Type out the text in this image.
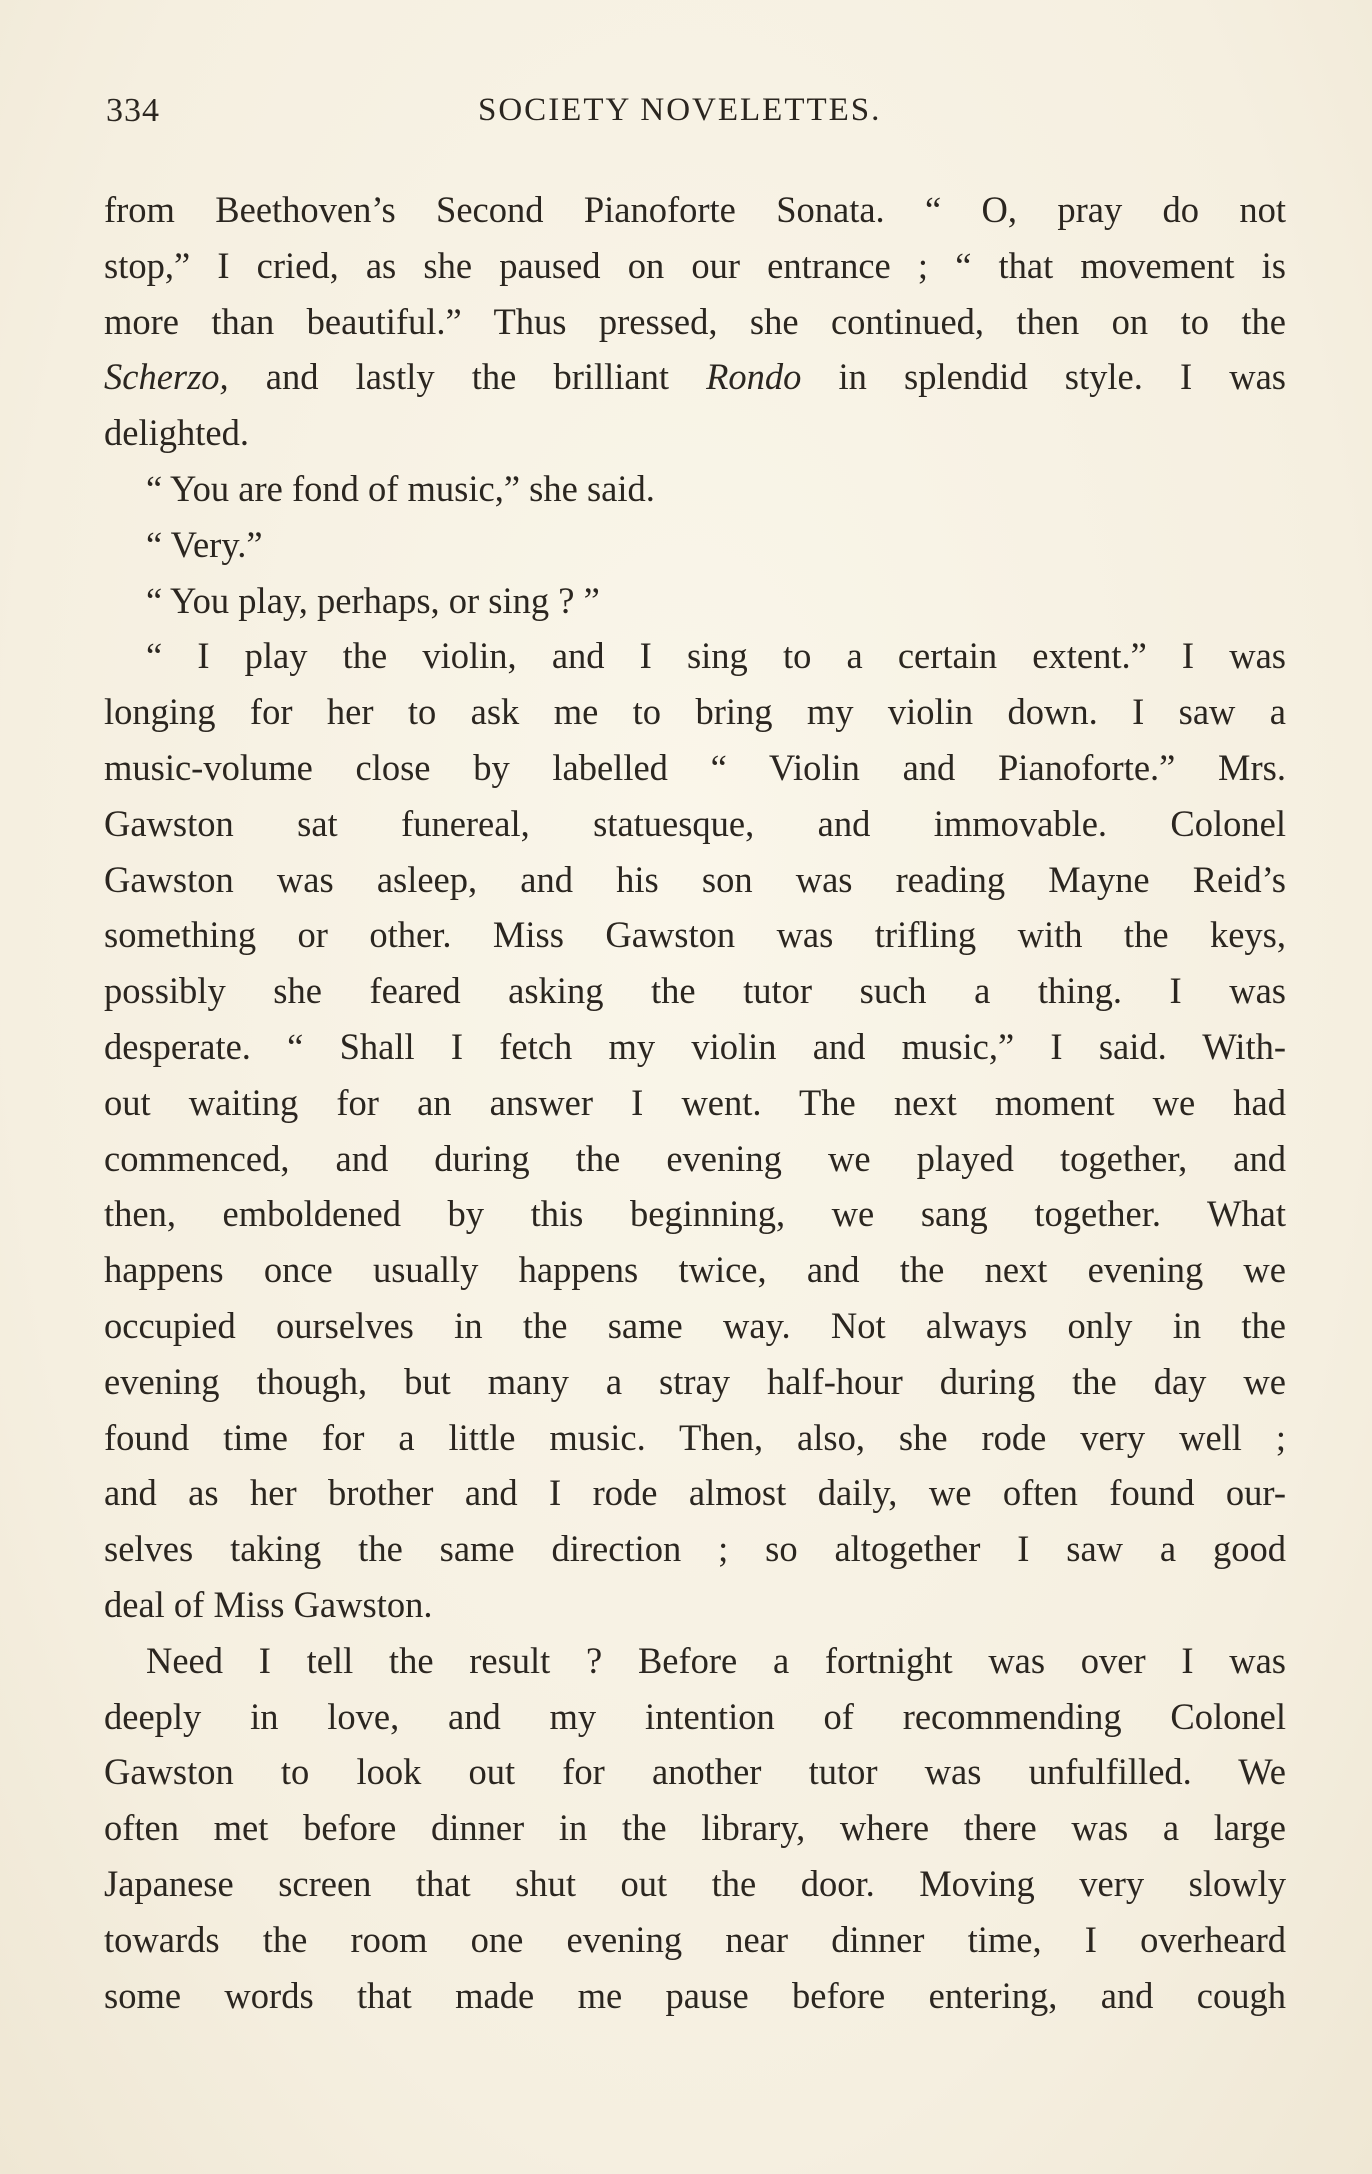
334	SOCIETY NOVELETTES.
from Beethoven’s Second Pianoforte Sonata. “ O, pray do not
stop,” I cried, as she paused on our entrance ; “ that movement is
more than beautiful.” Thus pressed, she continued, then on to the
Scherzo, and lastly the brilliant Rondo in splendid style. I was
delighted.
“ You are fond of music,” she said.
“ Very.”
“ You play, perhaps, or sing ? ”
“ I play the violin, and I sing to a certain extent.” I was
longing for her to ask me to bring my violin down. I saw a
music-volume close by labelled “ Violin and Pianoforte.” Mrs.
Gawston sat funereal, statuesque, and immovable. Colonel
Gawston was asleep, and his son was reading Mayne Reid’s
something or other. Miss Gawston was trifling with the keys,
possibly she feared asking the tutor such a thing. I was
desperate. “ Shall I fetch my violin and music,” I said. With-
out waiting for an answer I went. The next moment we had
commenced, and during the evening we played together, and
then, emboldened by this beginning, we sang together. What
happens once usually happens twice, and the next evening we
occupied ourselves in the same way. Not always only in the
evening though, but many a stray half-hour during the day we
found time for a little music. Then, also, she rode very well ;
and as her brother and I rode almost daily, we often found our-
selves taking the same direction ; so altogether I saw a good
deal of Miss Gawston.
Need I tell the result ? Before a fortnight was over I was
deeply in love, and my intention of recommending Colonel
Gawston to look out for another tutor was unfulfilled. We
often met before dinner in the library, where there was a large
Japanese screen that shut out the door. Moving very slowly
towards the room one evening near dinner time, I overheard
some words that made me pause before entering, and cough
